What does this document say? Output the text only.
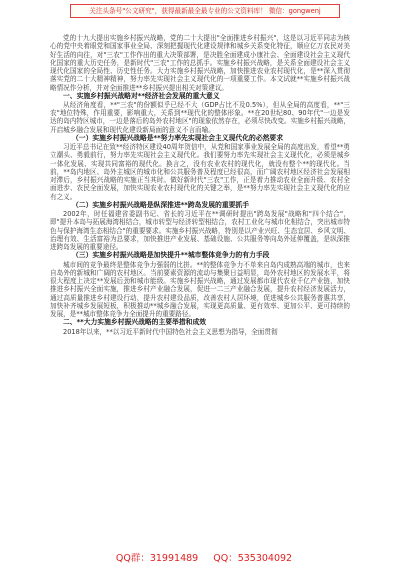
关注头条号"公文研究"，获得最新最全最专业的公文资料库！ 微信：gongwenj

党的十九大提出实施乡村振兴战略，党的二十大提出"全面推进乡村振兴"，这是以习近平同志为核心的党中央着眼党和国家事业全局、深刻把握现代化建设规律和城乡关系变化特征，顺应亿万农民对美好生活的向往，对"三农"工作作出的重大决策部署，是决胜全面建成小康社会、全面建设社会主义现代化国家的重大历史任务，是新时代"三农"工作的总抓手。实施乡村振兴战略，是关系全面建设社会主义现代化国家的全局性、历史性任务。大力实施乡村振兴战略，加快推进农业农村现代化，是**深入贯彻落实党的二十大精神精神，努力率先实现社会主义现代化的一项重要工作。本文试就**实施乡村振兴战略情况作分析，并对全面推进**乡村振兴提出相关对策建议。

一、实施乡村振兴战略对**经济社会发展的重大意义

从经济角度看，**"三农"的份额似乎已经不大（GDP占比不及0.5%），但从全局的高度看，**"三农"地位特殊，作用重要，影响重大，关系到**现代化的整体形象。**在20世纪80、90年代"一边是发达的岛内特区城市，一边是落后的岛外农村地区"的现象依然存在，必须尽快改变。实施乡村振兴战略，开启城乡融合发展和现代化建设新局面的意义不言而喻。

（一）实施乡村振兴战略是**努力率先实现社会主义现代化的必然要求

习近平总书记在致**经济特区建设40周年贺信中，从党和国家事业发展全局的高度出发，希望**勇立潮头、勇毅前行，努力率先实现社会主义现代化。我们要努力率先实现社会主义现代化，必须是城乡一体化发展、实现共同富裕的现代化。换言之，没有农业农村的现代化，就没有整个**的现代化。当前，**岛内地区、岛外主城区的城市化和公共服务普及程度已经很高，而广阔农村地区经济社会发展相对滞后，乡村振兴战略的实施正当其时。做好新时代"三农"工作，正是着力推动农业全面升级、农村全面进步、农民全面发展，加快实现农业农村现代化的关键之举，是**努力率先实现社会主义现代化的应有之义。

（二）实施乡村振兴战略是纵深推进**跨岛发展的重要抓手

2002年，时任福建省委副书记、省长的习近平在**调研时提出"跨岛发展"战略和"四个结合"，即"提升本岛与拓展海湾相结合，城市转型与经济转型相结合，农村工业化与城市化相结合，突出城市特色与保护海湾生态相结合"的重要要求。实施乡村振兴战略，特别是以产业兴旺、生态宜居、乡风文明、治理有效、生活富裕为总要求，加快推进产业发展、基础设施、公共服务等向岛外延伸覆盖，是纵深推进跨岛发展的重要途径。

（三）实施乡村振兴战略是加快提升**城市整体竞争力的有力手段

城市间的竞争最终是整体竞争力强弱的比拼。**的整体竞争力不单来自岛内成熟高端的城市，也来自岛外的新城和广阔的农村地区。当前要素资源的流动与集聚日益明显，岛外农村地区的发展水平，将很大程度上决定**发展后劲和城市能级。实施乡村振兴战略，通过发展都市现代农业千亿产业链，加快推进乡村振兴全面实施，推进乡村产业融合发展，促进一二三产业融合发展，提升农村经济发展活力，通过高质量推进乡村建设行动，提升农村建设品质，改善农村人居环境，促进城乡公共服务普惠共享，加快补齐城乡发展短板，积极推动**城乡融合发展，实现更高质量、更有效率、更加公平、更可持续的发展，是**城市整体竞争力全面提升的重要路径。

二、**大力实施乡村振兴战略的主要举措和成效

2018年以来，**以习近平新时代中国特色社会主义思想为指导，全面贯彻

QQ群：31991489 QQ：535304092
